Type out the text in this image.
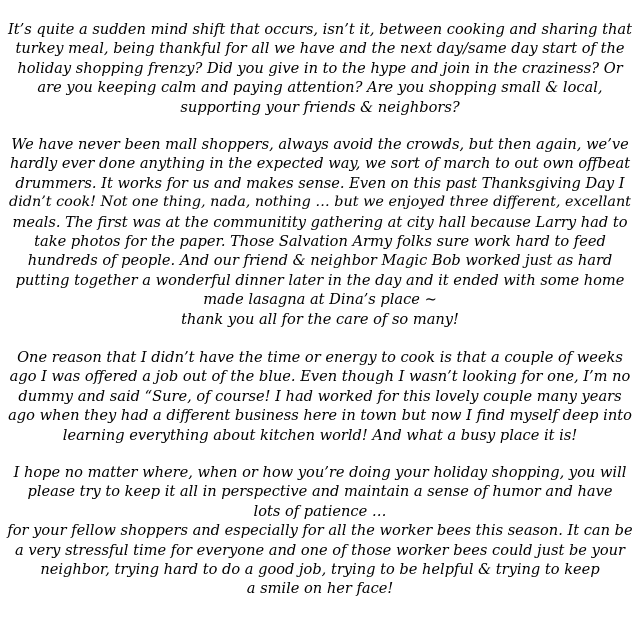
It’s quite a sudden mind shift that occurs, isn’t it, between cooking and sharing that
turkey meal, being thankful for all we have and the next day/same day start of the
holiday shopping frenzy? Did you give in to the hype and join in the craziness? Or
are you keeping calm and paying attention? Are you shopping small & local,
supporting your friends & neighbors?

We have never been mall shoppers, always avoid the crowds, but then again, we’ve
hardly ever done anything in the expected way, we sort of march to out own offbeat
drummers. It works for us and makes sense. Even on this past Thanksgiving Day I
didn’t cook! Not one thing, nada, nothing … but we enjoyed three different, excellant
meals. The first was at the communitity gathering at city hall because Larry had to
take photos for the paper. Those Salvation Army folks sure work hard to feed
hundreds of people. And our friend & neighbor Magic Bob worked just as hard
putting together a wonderful dinner later in the day and it ended with some home
made lasagna at Dina’s place ~
thank you all for the care of so many!

One reason that I didn’t have the time or energy to cook is that a couple of weeks
ago I was offered a job out of the blue. Even though I wasn’t looking for one, I’m no
dummy and said “Sure, of course! I had worked for this lovely couple many years
ago when they had a different business here in town but now I find myself deep into
learning everything about kitchen world! And what a busy place it is!

I hope no matter where, when or how you’re doing your holiday shopping, you will
please try to keep it all in perspective and maintain a sense of humor and have
lots of patience …
for your fellow shoppers and especially for all the worker bees this season. It can be
a very stressful time for everyone and one of those worker bees could just be your
neighbor, trying hard to do a good job, trying to be helpful & trying to keep
a smile on her face!
